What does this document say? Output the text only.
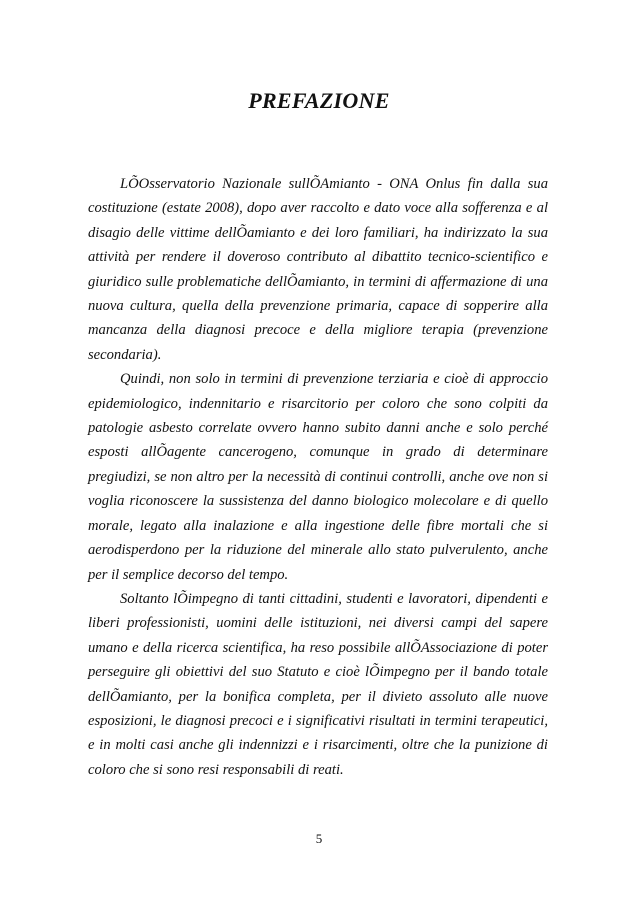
PREFAZIONE

LÕOsservatorio Nazionale sullÕAmianto - ONA Onlus fin dalla sua costituzione (estate 2008), dopo aver raccolto e dato voce alla sofferenza e al disagio delle vittime dellÕamianto e dei loro familiari, ha indirizzato la sua attività per rendere il doveroso contributo al dibattito tecnico-scientifico e giuridico sulle problematiche dellÕamianto, in termini di affermazione di una nuova cultura, quella della prevenzione primaria, capace di sopperire alla mancanza della diagnosi precoce e della migliore terapia (prevenzione secondaria).

Quindi, non solo in termini di prevenzione terziaria e cioè di approccio epidemiologico, indennitario e risarcitorio per coloro che sono colpiti da patologie asbesto correlate ovvero hanno subito danni anche e solo perché esposti allÕagente cancerogeno, comunque in grado di determinare pregiudizi, se non altro per la necessità di continui controlli, anche ove non si voglia riconoscere la sussistenza del danno biologico molecolare e di quello morale, legato alla inalazione e alla ingestione delle fibre mortali che si aerodisperdono per la riduzione del minerale allo stato pulverulento, anche per il semplice decorso del tempo.

Soltanto lÕimpegno di tanti cittadini, studenti e lavoratori, dipendenti e liberi professionisti, uomini delle istituzioni, nei diversi campi del sapere umano e della ricerca scientifica, ha reso possibile allÕAssociazione di poter perseguire gli obiettivi del suo Statuto e cioè lÕimpegno per il bando totale dellÕamianto, per la bonifica completa, per il divieto assoluto alle nuove esposizioni, le diagnosi precoci e i significativi risultati in termini terapeutici, e in molti casi anche gli indennizzi e i risarcimenti, oltre che la punizione di coloro che si sono resi responsabili di reati.

5
